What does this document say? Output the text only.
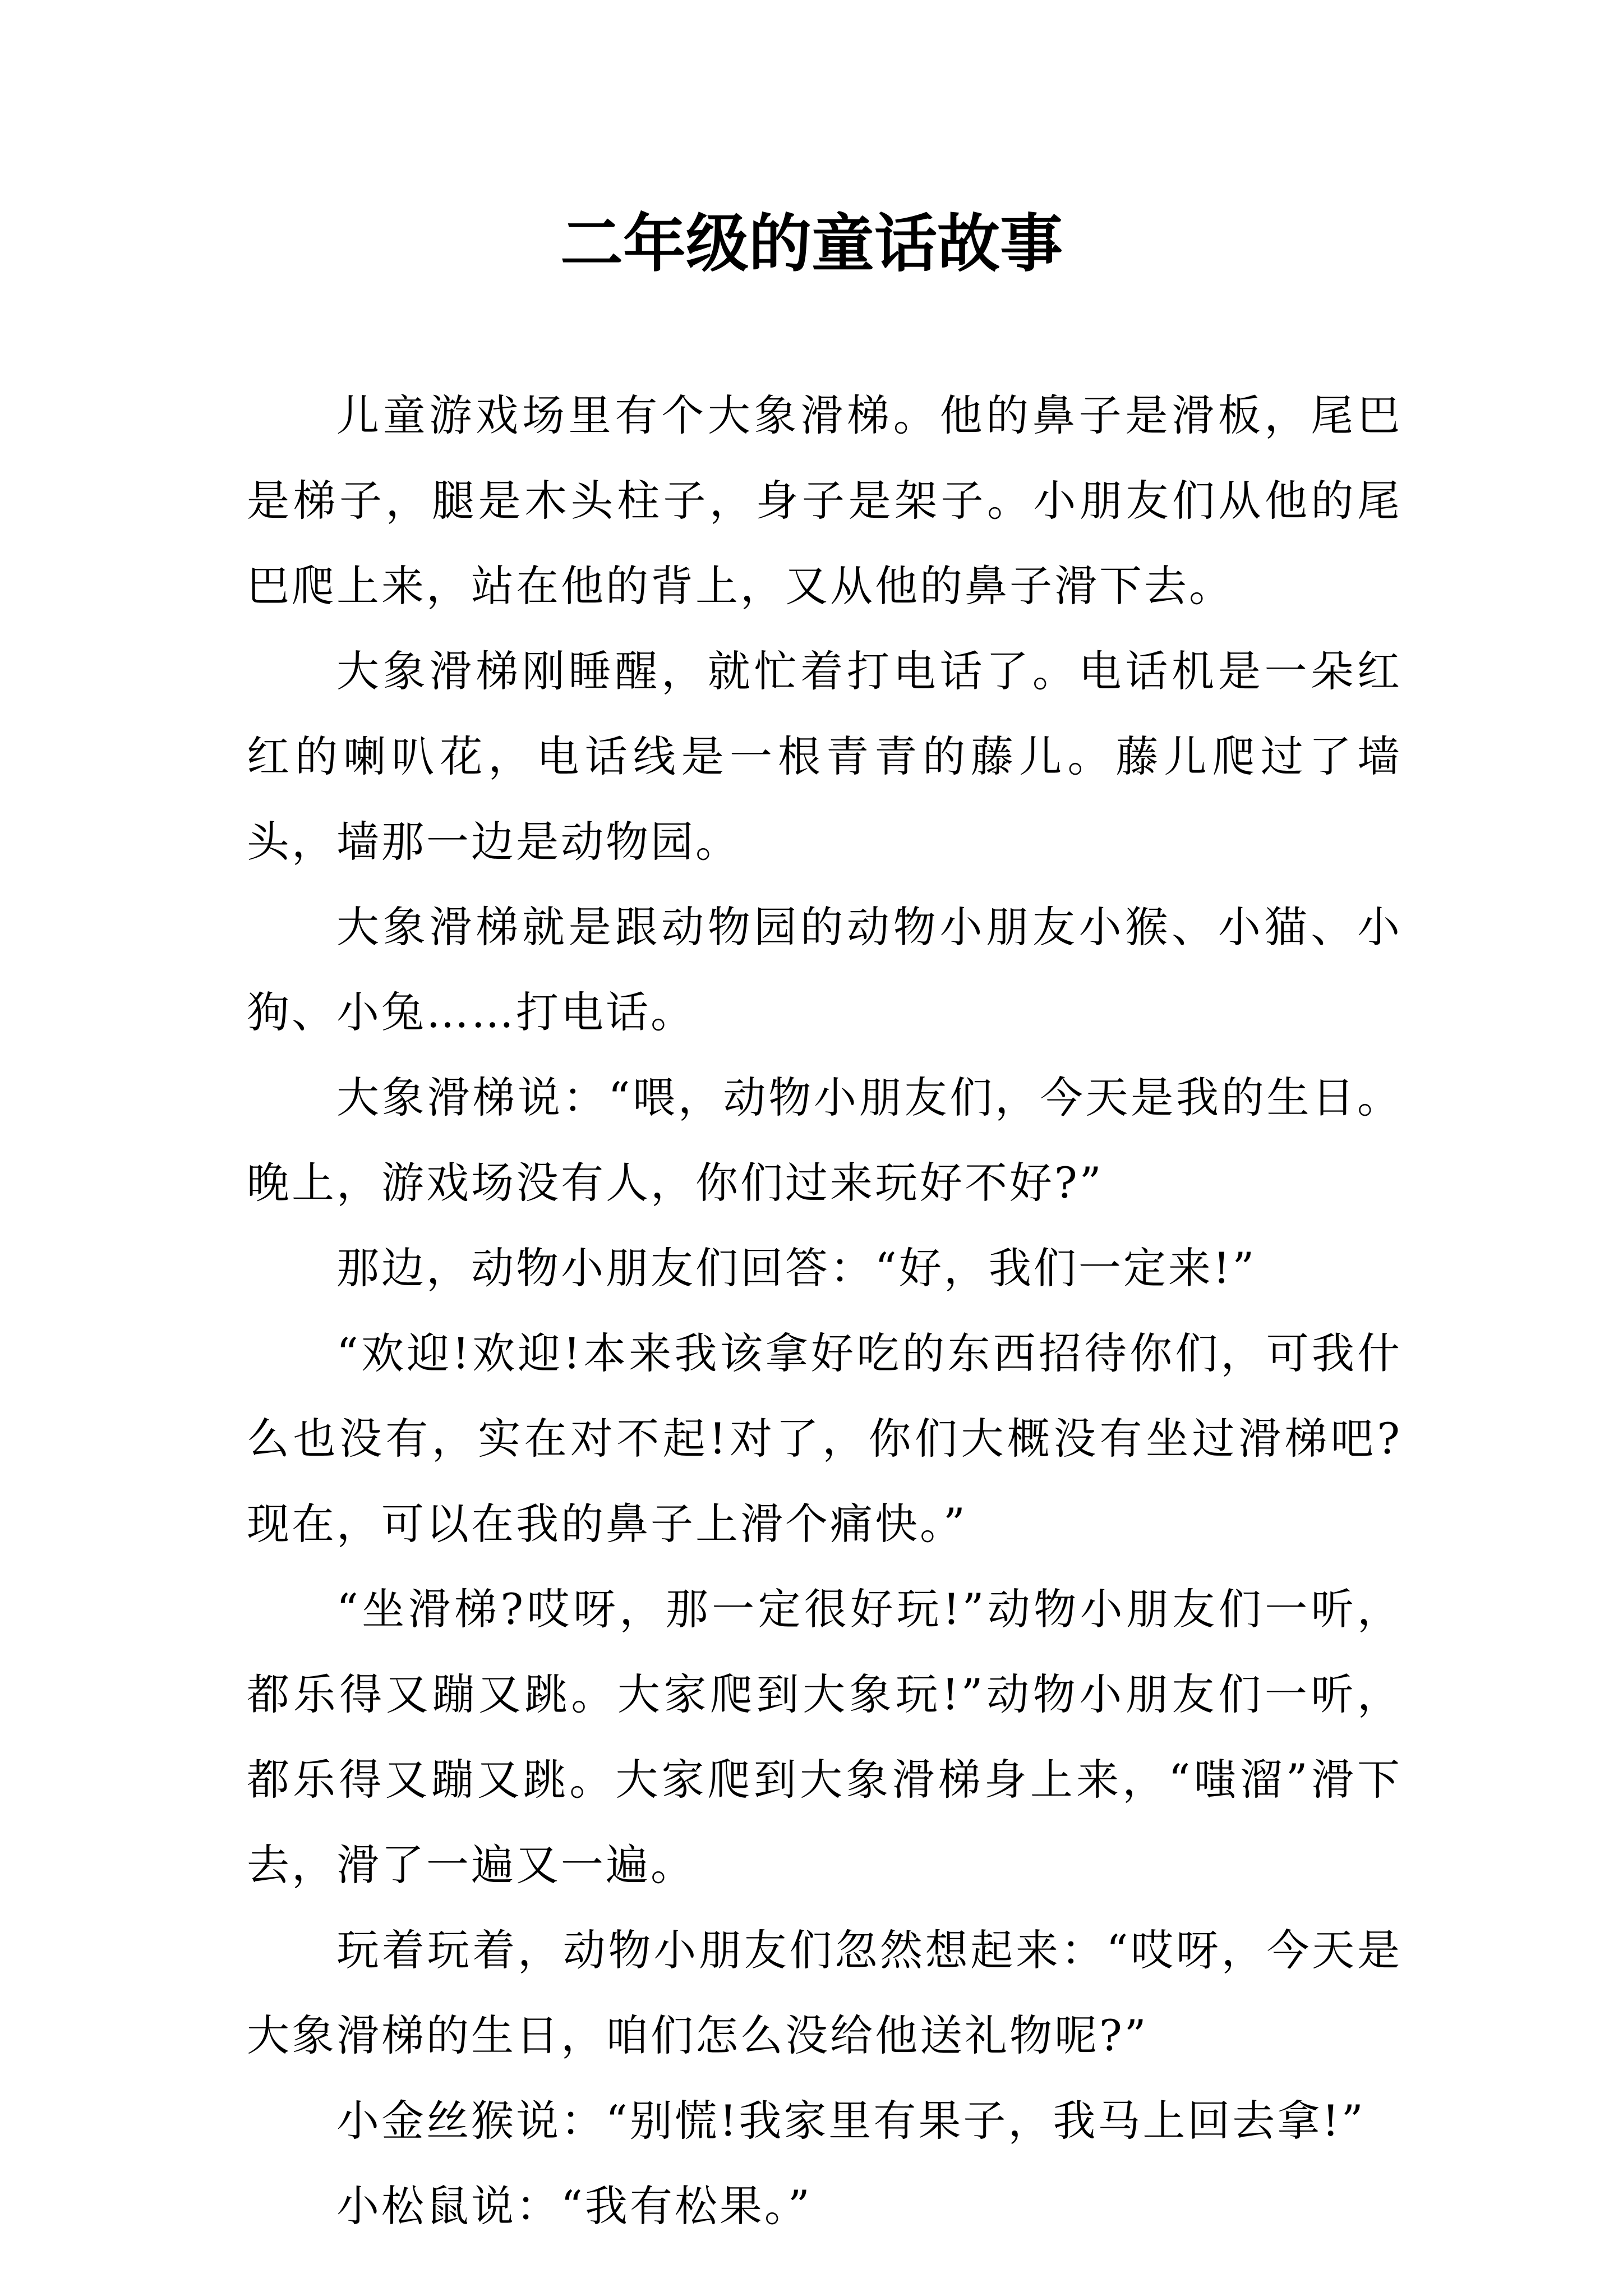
二年级的童话故事

儿童游戏场里有个大象滑梯。他的鼻子是滑板，尾巴是梯子，腿是木头柱子，身子是架子。小朋友们从他的尾巴爬上来，站在他的背上，又从他的鼻子滑下去。

大象滑梯刚睡醒，就忙着打电话了。电话机是一朵红红的喇叭花，电话线是一根青青的藤儿。藤儿爬过了墙头，墙那一边是动物园。

大象滑梯就是跟动物园的动物小朋友小猴、小猫、小狗、小兔……打电话。

大象滑梯说：“喂，动物小朋友们，今天是我的生日。晚上，游戏场没有人，你们过来玩好不好?”

那边，动物小朋友们回答：“好，我们一定来!”

“欢迎!欢迎!本来我该拿好吃的东西招待你们，可我什么也没有，实在对不起!对了，你们大概没有坐过滑梯吧?现在，可以在我的鼻子上滑个痛快。”

“坐滑梯?哎呀，那一定很好玩!”动物小朋友们一听，都乐得又蹦又跳。大家爬到大象玩!”动物小朋友们一听，都乐得又蹦又跳。大家爬到大象滑梯身上来，“嗤溜”滑下去，滑了一遍又一遍。

玩着玩着，动物小朋友们忽然想起来：“哎呀，今天是大象滑梯的生日，咱们怎么没给他送礼物呢?”

小金丝猴说：“别慌!我家里有果子，我马上回去拿!”

小松鼠说：“我有松果。”
